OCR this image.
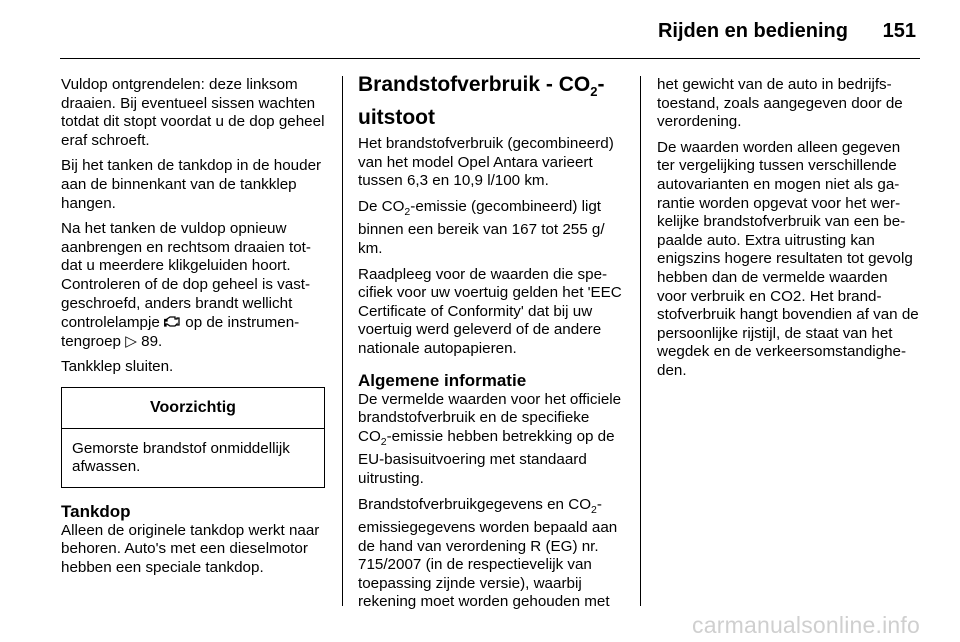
Rijden en bediening 151

Vuldop ontgrendelen: deze linksom draaien. Bij eventueel sissen wachten totdat dit stopt voordat u de dop geheel eraf schroeft.

Bij het tanken de tankdop in de houder aan de binnenkant van de tankklep hangen.

Na het tanken de vuldop opnieuw aanbrengen en rechtsom draaien totdat u meerdere klikgeluiden hoort. Controleren of de dop geheel is vastgeschroefd, anders brandt wellicht controlelampje op de instrumentengroep ▷ 89.

Tankklep sluiten.

Voorzichtig
Gemorste brandstof onmiddellijk afwassen.
Tankdop

Alleen de originele tankdop werkt naar behoren. Auto's met een dieselmotor hebben een speciale tankdop.

Brandstofverbruik - $CO_2$-uitstoot

Het brandstofverbruik (gecombineerd) van het model Opel Antara varieert tussen 6,3 en 10,9 l/100 km.

De $CO_2$-emissie (gecombineerd) ligt binnen een bereik van 167 tot 255 g/ km.

Raadpleeg voor de waarden die specifiek voor uw voertuig gelden het 'EEC Certificate of Conformity' dat bij uw voertuig werd geleverd of de andere nationale autopapieren.

Algemene informatie

De vermelde waarden voor het officiele brandstofverbruik en de specifieke $CO_2$-emissie hebben betrekking op de EU-basisuitvoering met standaard uitrusting.

Brandstofverbruikgegevens en $CO_2$-emissiegegevens worden bepaald aan de hand van verordening R (EG) nr. 715/2007 (in de respectievelijk van toepassing zijnde versie), waarbij rekening moet worden gehouden met

het gewicht van de auto in bedrijfstoestand, zoals aangegeven door de verordening.

De waarden worden alleen gegeven ter vergelijking tussen verschillende autovarianten en mogen niet als garantie worden opgevat voor het werkelijke brandstofverbruik van een bepaalde auto. Extra uitrusting kan enigszins hogere resultaten tot gevolg hebben dan de vermelde waarden voor verbruik en CO2. Het brandstofverbruik hangt bovendien af van de persoonlijke rijstijl, de staat van het wegdek en de verkeersomstandigheden.

carmanualsonline.info
